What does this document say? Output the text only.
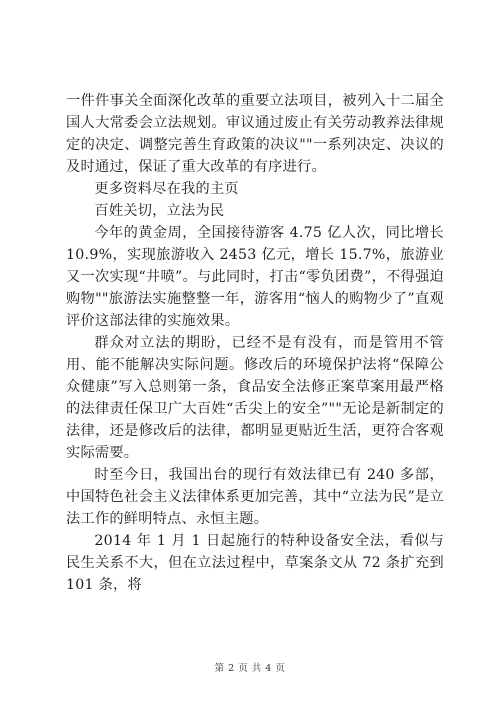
一件件事关全面深化改革的重要立法项目，被列入十二届全国人大常委会立法规划。审议通过废止有关劳动教养法律规定的决定、调整完善生育政策的决议""一系列决定、决议的及时通过，保证了重大改革的有序进行。

更多资料尽在我的主页

百姓关切，立法为民

今年的黄金周，全国接待游客 4.75 亿人次，同比增长 10.9%，实现旅游收入 2453 亿元，增长 15.7%，旅游业又一次实现“井喷”。与此同时，打击“零负团费”，不得强迫购物""旅游法实施整整一年，游客用“恼人的购物少了”直观评价这部法律的实施效果。

群众对立法的期盼，已经不是有没有，而是管用不管用、能不能解决实际问题。修改后的环境保护法将“保障公众健康”写入总则第一条，食品安全法修正案草案用最严格的法律责任保卫广大百姓“舌尖上的安全”""无论是新制定的法律，还是修改后的法律，都明显更贴近生活，更符合客观实际需要。

时至今日，我国出台的现行有效法律已有 240 多部，中国特色社会主义法律体系更加完善，其中“立法为民”是立法工作的鲜明特点、永恒主题。

2014 年 1 月 1 日起施行的特种设备安全法，看似与民生关系不大，但在立法过程中，草案条文从 72 条扩充到 101 条，将

第 2 页 共 4 页
